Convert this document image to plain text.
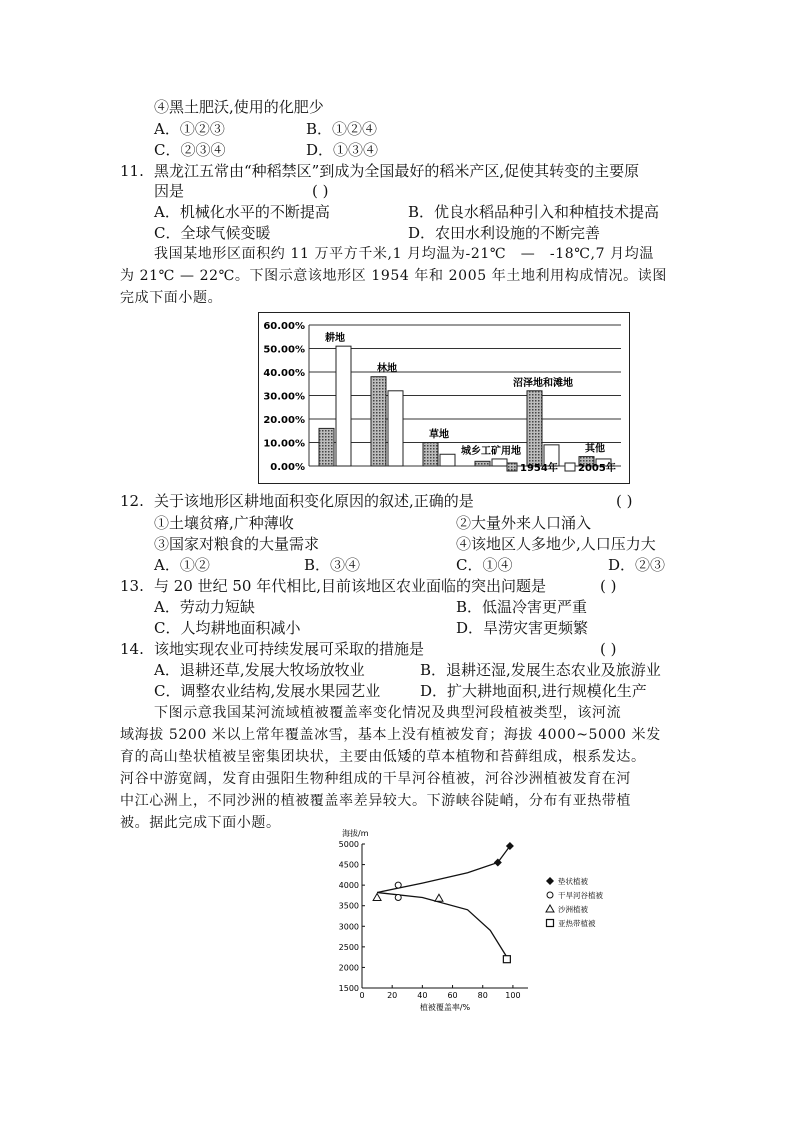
④黑土肥沃,使用的化肥少
A．①②③	B．①②④
C．②③④	D．①③④
11. 黑龙江五常由“种稻禁区”到成为全国最好的稻米产区,促使其转变的主要原
因是	( )
A．机械化水平的不断提高	B．优良水稻品种引入和种植技术提高
C．全球气候变暖	D．农田水利设施的不断完善
我国某地形区面积约 11 万平方千米,1 月均温为-21℃　—　-18℃,7 月均温
为 21℃ — 22℃。下图示意该地形区 1954 年和 2005 年土地利用构成情况。读图
完成下面小题。
0.00%
10.00%
20.00%
30.00%
40.00%
50.00%
60.00%
耕地
林地
草地
城乡工矿用地
沼泽地和滩地
其他
1954年 2005年
12. 关于该地形区耕地面积变化原因的叙述,正确的是	( )
①土壤贫瘠,广种薄收	②大量外来人口涌入
③国家对粮食的大量需求	④该地区人多地少,人口压力大
A．①②	B．③④	C．①④	D．②③
13. 与 20 世纪 50 年代相比,目前该地区农业面临的突出问题是	( )
A．劳动力短缺	B．低温冷害更严重
C．人均耕地面积减小	D．旱涝灾害更频繁
14. 该地实现农业可持续发展可采取的措施是	( )
A．退耕还草,发展大牧场放牧业	B．退耕还湿,发展生态农业及旅游业
C．调整农业结构,发展水果园艺业	D．扩大耕地面积,进行规模化生产
下图示意我国某河流域植被覆盖率变化情况及典型河段植被类型，该河流
域海拔 5200 米以上常年覆盖冰雪，基本上没有植被发育；海拔 4000~5000 米发
育的高山垫状植被呈密集团块状，主要由低矮的草本植物和苔藓组成，根系发达。
河谷中游宽阔，发育由强阳生物种组成的干旱河谷植被，河谷沙洲植被发育在河
中江心洲上，不同沙洲的植被覆盖率差异较大。下游峡谷陡峭，分布有亚热带植
被。据此完成下面小题。
1500
2000
2500
3000
3500
4000
4500
5000
0	20 40 60 80 100
海拔/m
植被覆盖率/%
垫状植被
干旱河谷植被
沙洲植被
亚热带植被
